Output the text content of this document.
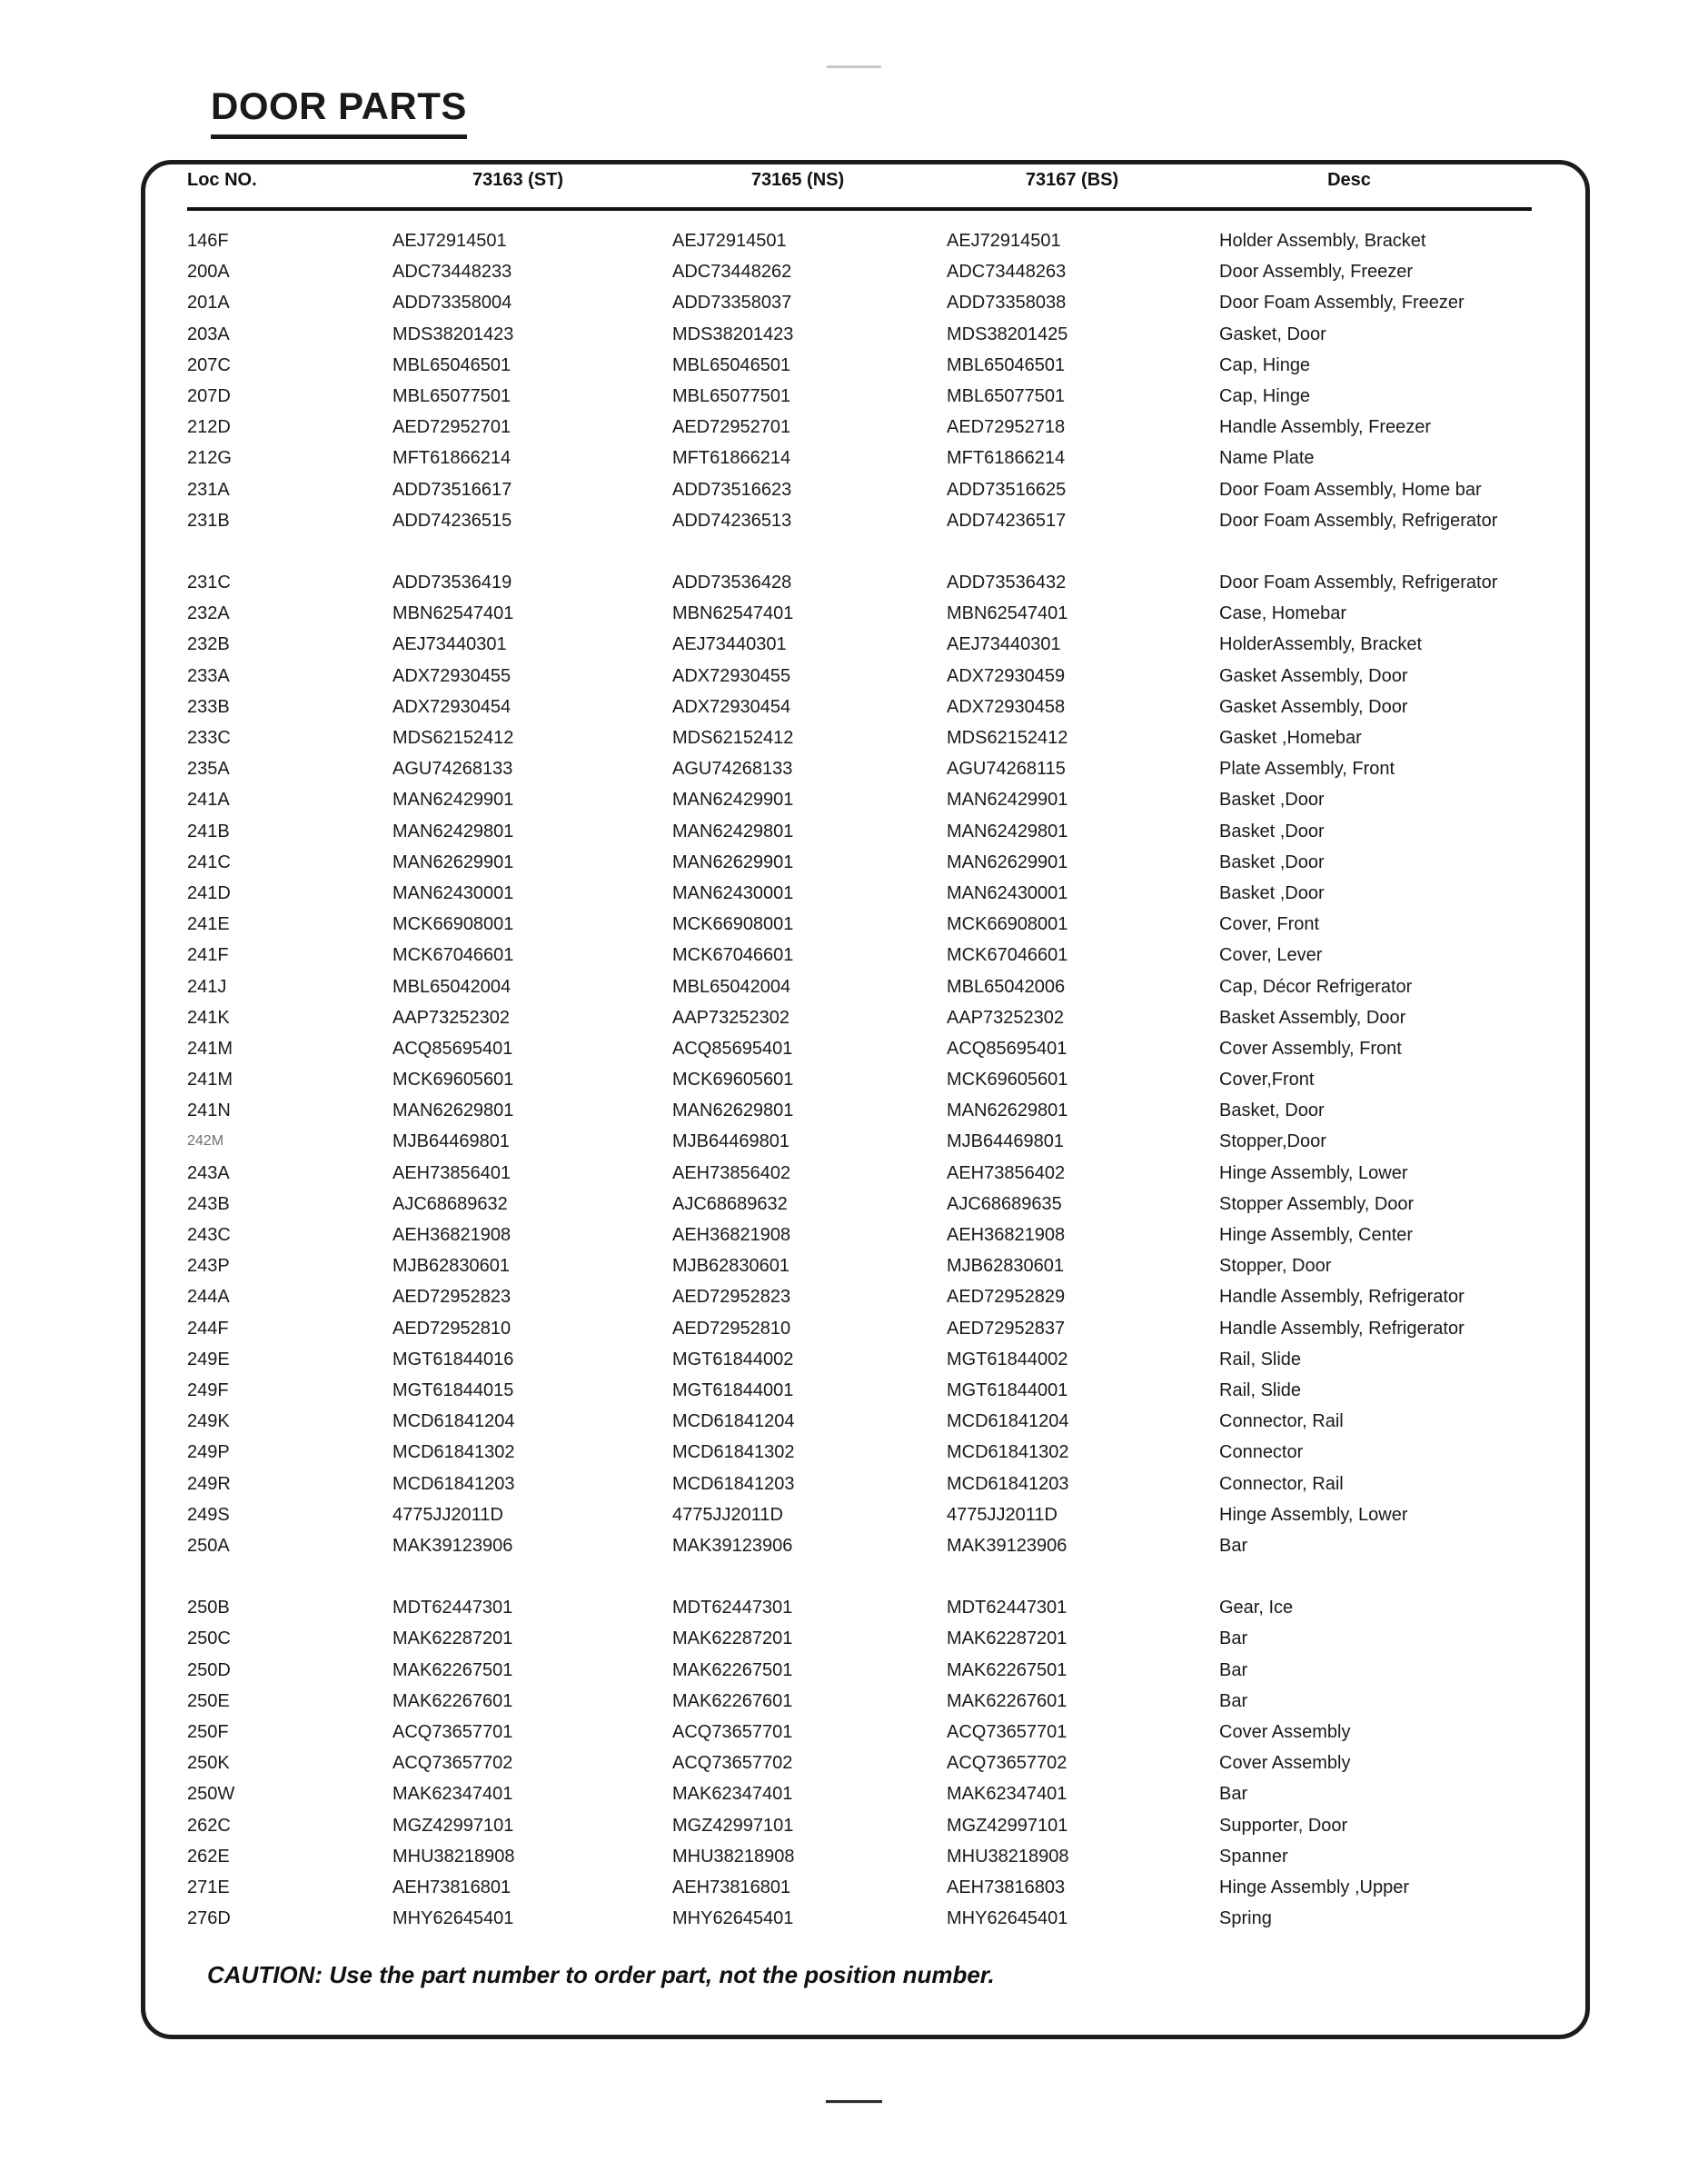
DOOR PARTS
Loc NO.	73163 (ST)	73165 (NS)	73167 (BS)	Desc
146F	AEJ72914501	AEJ72914501	AEJ72914501	Holder Assembly, Bracket
200A	ADC73448233	ADC73448262	ADC73448263	Door Assembly, Freezer
201A	ADD73358004	ADD73358037	ADD73358038	Door Foam Assembly, Freezer
203A	MDS38201423	MDS38201423	MDS38201425	Gasket, Door
207C	MBL65046501	MBL65046501	MBL65046501	Cap, Hinge
207D	MBL65077501	MBL65077501	MBL65077501	Cap, Hinge
212D	AED72952701	AED72952701	AED72952718	Handle Assembly, Freezer
212G	MFT61866214	MFT61866214	MFT61866214	Name Plate
231A	ADD73516617	ADD73516623	ADD73516625	Door Foam Assembly, Home bar
231B	ADD74236515	ADD74236513	ADD74236517	Door Foam Assembly, Refrigerator
231C	ADD73536419	ADD73536428	ADD73536432	Door Foam Assembly, Refrigerator
232A	MBN62547401	MBN62547401	MBN62547401	Case, Homebar
232B	AEJ73440301	AEJ73440301	AEJ73440301	HolderAssembly, Bracket
233A	ADX72930455	ADX72930455	ADX72930459	Gasket Assembly, Door
233B	ADX72930454	ADX72930454	ADX72930458	Gasket Assembly, Door
233C	MDS62152412	MDS62152412	MDS62152412	Gasket ,Homebar
235A	AGU74268133	AGU74268133	AGU74268115	Plate Assembly, Front
241A	MAN62429901	MAN62429901	MAN62429901	Basket ,Door
241B	MAN62429801	MAN62429801	MAN62429801	Basket ,Door
241C	MAN62629901	MAN62629901	MAN62629901	Basket ,Door
241D	MAN62430001	MAN62430001	MAN62430001	Basket ,Door
241E	MCK66908001	MCK66908001	MCK66908001	Cover, Front
241F	MCK67046601	MCK67046601	MCK67046601	Cover, Lever
241J	MBL65042004	MBL65042004	MBL65042006	Cap, Décor Refrigerator
241K	AAP73252302	AAP73252302	AAP73252302	Basket Assembly, Door
241M	ACQ85695401	ACQ85695401	ACQ85695401	Cover Assembly, Front
241M	MCK69605601	MCK69605601	MCK69605601	Cover,Front
241N	MAN62629801	MAN62629801	MAN62629801	Basket, Door
242M	MJB64469801	MJB64469801	MJB64469801	Stopper,Door
243A	AEH73856401	AEH73856402	AEH73856402	Hinge Assembly, Lower
243B	AJC68689632	AJC68689632	AJC68689635	Stopper Assembly, Door
243C	AEH36821908	AEH36821908	AEH36821908	Hinge Assembly, Center
243P	MJB62830601	MJB62830601	MJB62830601	Stopper, Door
244A	AED72952823	AED72952823	AED72952829	Handle Assembly, Refrigerator
244F	AED72952810	AED72952810	AED72952837	Handle Assembly, Refrigerator
249E	MGT61844016	MGT61844002	MGT61844002	Rail, Slide
249F	MGT61844015	MGT61844001	MGT61844001	Rail, Slide
249K	MCD61841204	MCD61841204	MCD61841204	Connector, Rail
249P	MCD61841302	MCD61841302	MCD61841302	Connector
249R	MCD61841203	MCD61841203	MCD61841203	Connector, Rail
249S	4775JJ2011D	4775JJ2011D	4775JJ2011D	Hinge Assembly, Lower
250A	MAK39123906	MAK39123906	MAK39123906	Bar
250B	MDT62447301	MDT62447301	MDT62447301	Gear, Ice
250C	MAK62287201	MAK62287201	MAK62287201	Bar
250D	MAK62267501	MAK62267501	MAK62267501	Bar
250E	MAK62267601	MAK62267601	MAK62267601	Bar
250F	ACQ73657701	ACQ73657701	ACQ73657701	Cover Assembly
250K	ACQ73657702	ACQ73657702	ACQ73657702	Cover Assembly
250W	MAK62347401	MAK62347401	MAK62347401	Bar
262C	MGZ42997101	MGZ42997101	MGZ42997101	Supporter, Door
262E	MHU38218908	MHU38218908	MHU38218908	Spanner
271E	AEH73816801	AEH73816801	AEH73816803	Hinge Assembly ,Upper
276D	MHY62645401	MHY62645401	MHY62645401	Spring
CAUTION: Use the part number to order part, not the position number.
